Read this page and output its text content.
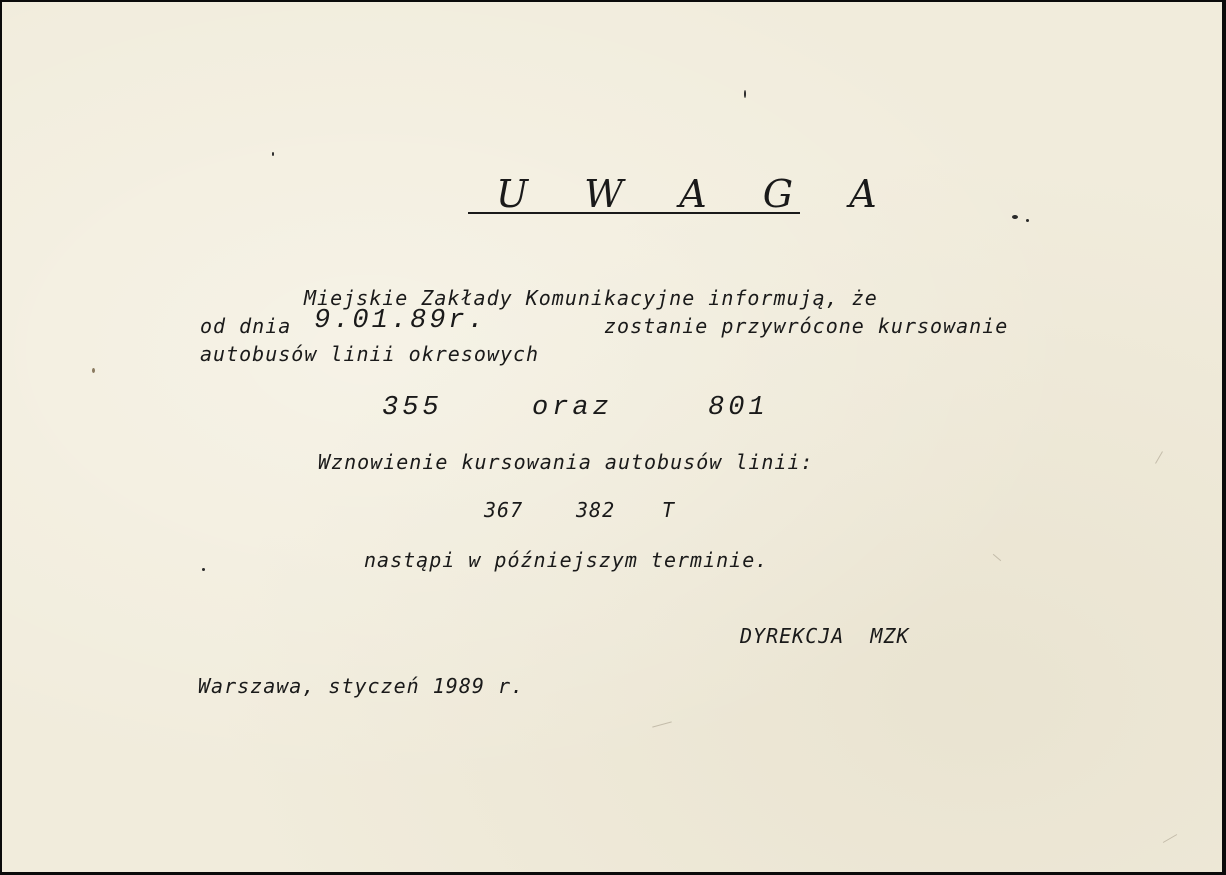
U W A G A

Miejskie Zakłady Komunikacyjne informują, że

od dnia 9.01.89r.	zostanie przywrócone kursowanie

autobusów linii okresowych

355	oraz	801

Wznowienie kursowania autobusów linii:

367	382 T

nastąpi w późniejszym terminie.

DYREKCJA  MZK

Warszawa, styczeń 1989 r.
